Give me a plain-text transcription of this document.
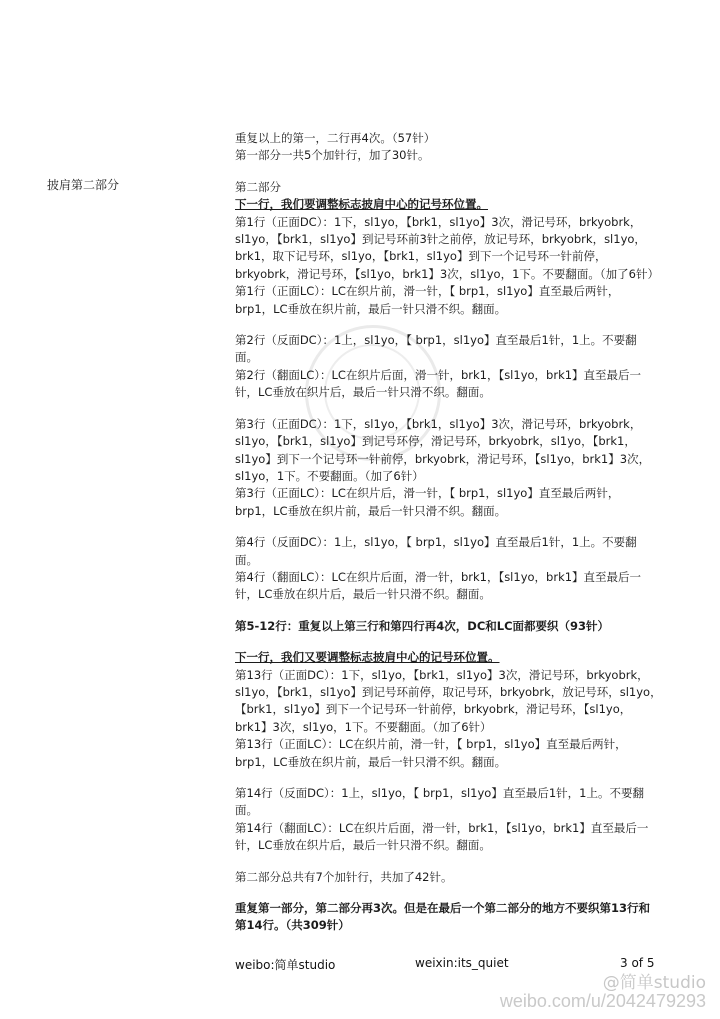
披肩第二部分

重复以上的第一，二行再4次。（57针）

第一部分一共5个加针行，加了30针。

第二部分

下一行，我们要调整标志披肩中心的记号环位置。

第1行（正面DC）：1下，sl1yo，【brk1，sl1yo】3次，滑记号环，brkyobrk，

sl1yo，【brk1，sl1yo】到记号环前3针之前停，放记号环，brkyobrk，sl1yo，

brk1，取下记号环，sl1yo，【brk1，sl1yo】到下一个记号环一针前停，

brkyobrk，滑记号环，【sl1yo，brk1】3次，sl1yo，1下。不要翻面。（加了6针）

第1行（正面LC）：LC在织片前，滑一针，【 brp1，sl1yo】直至最后两针，

brp1，LC垂放在织片前，最后一针只滑不织。翻面。

第2行（反面DC）：1上，sl1yo，【 brp1，sl1yo】直至最后1针，1上。不要翻

面。

第2行（翻面LC）：LC在织片后面，滑一针，brk1，【sl1yo，brk1】直至最后一

针，LC垂放在织片后，最后一针只滑不织。翻面。

第3行（正面DC）：1下，sl1yo，【brk1，sl1yo】3次，滑记号环，brkyobrk，

sl1yo，【brk1，sl1yo】到记号环停，滑记号环，brkyobrk，sl1yo，【brk1，

sl1yo】到下一个记号环一针前停，brkyobrk，滑记号环，【sl1yo，brk1】3次，

sl1yo，1下。不要翻面。（加了6针）

第3行（正面LC）：LC在织片后，滑一针，【 brp1，sl1yo】直至最后两针，

brp1，LC垂放在织片前，最后一针只滑不织。翻面。

第4行（反面DC）：1上，sl1yo，【 brp1，sl1yo】直至最后1针，1上。不要翻

面。

第4行（翻面LC）：LC在织片后面，滑一针，brk1，【sl1yo，brk1】直至最后一

针，LC垂放在织片后，最后一针只滑不织。翻面。

第5-12行：重复以上第三行和第四行再4次，DC和LC面都要织（93针）

下一行，我们又要调整标志披肩中心的记号环位置。

第13行（正面DC）：1下，sl1yo，【brk1，sl1yo】3次，滑记号环，brkyobrk，

sl1yo，【brk1，sl1yo】到记号环前停，取记号环，brkyobrk，放记号环，sl1yo，

【brk1，sl1yo】到下一个记号环一针前停，brkyobrk，滑记号环，【sl1yo，

brk1】3次，sl1yo，1下。不要翻面。（加了6针）

第13行（正面LC）：LC在织片前，滑一针，【 brp1，sl1yo】直至最后两针，

brp1，LC垂放在织片前，最后一针只滑不织。翻面。

第14行（反面DC）：1上，sl1yo，【 brp1，sl1yo】直至最后1针，1上。不要翻

面。

第14行（翻面LC）：LC在织片后面，滑一针，brk1，【sl1yo，brk1】直至最后一

针，LC垂放在织片后，最后一针只滑不织。翻面。

第二部分总共有7个加针行，共加了42针。

重复第一部分，第二部分再3次。但是在最后一个第二部分的地方不要织第13行和

第14行。（共309针）

weibo:简单studio	weixin:its_quiet	3 of 5
@简单studio
weibo.com/u/2042479293
